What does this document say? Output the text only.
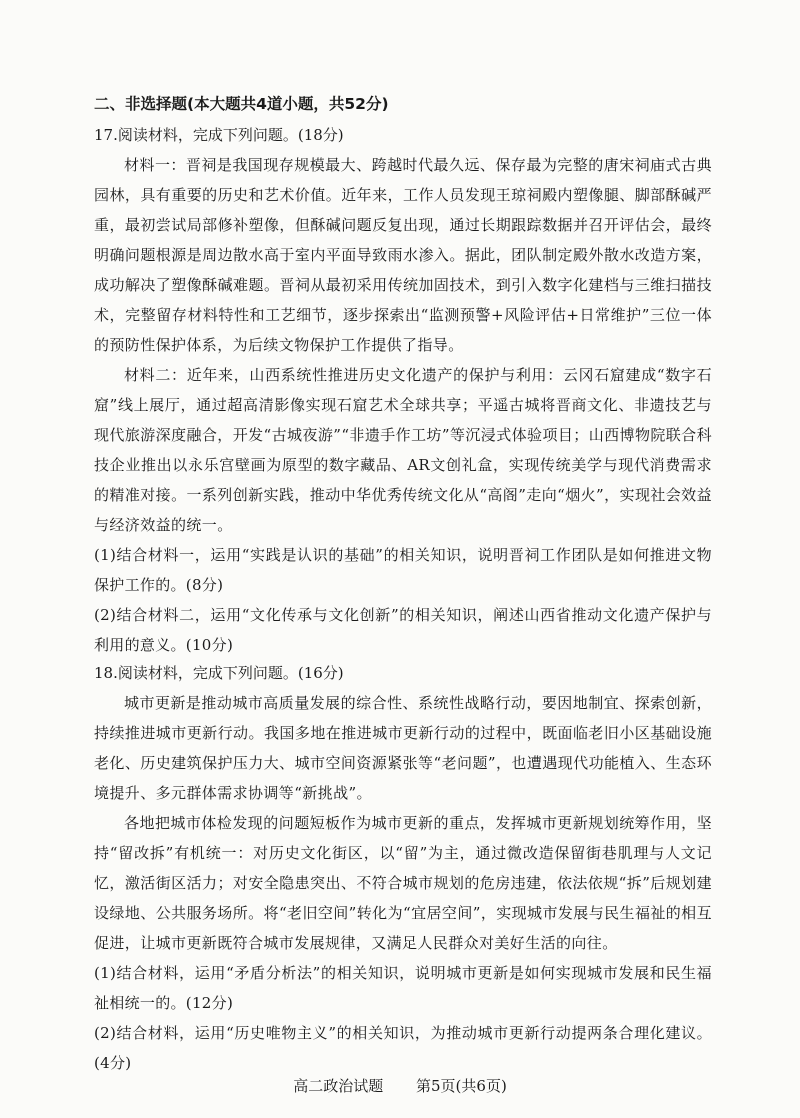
二、非选择题(本大题共4道小题，共52分)
17.阅读材料，完成下列问题。(18分)

材料一：晋祠是我国现存规模最大、跨越时代最久远、保存最为完整的唐宋祠庙式古典园林，具有重要的历史和艺术价值。近年来，工作人员发现王琼祠殿内塑像腿、脚部酥碱严重，最初尝试局部修补塑像，但酥碱问题反复出现，通过长期跟踪数据并召开评估会，最终明确问题根源是周边散水高于室内平面导致雨水渗入。据此，团队制定殿外散水改造方案，成功解决了塑像酥碱难题。晋祠从最初采用传统加固技术，到引入数字化建档与三维扫描技术，完整留存材料特性和工艺细节，逐步探索出“监测预警+风险评估+日常维护”三位一体的预防性保护体系，为后续文物保护工作提供了指导。

材料二：近年来，山西系统性推进历史文化遗产的保护与利用：云冈石窟建成“数字石窟”线上展厅，通过超高清影像实现石窟艺术全球共享；平遥古城将晋商文化、非遗技艺与现代旅游深度融合，开发“古城夜游”“非遗手作工坊”等沉浸式体验项目；山西博物院联合科技企业推出以永乐宫壁画为原型的数字藏品、AR文创礼盒，实现传统美学与现代消费需求的精准对接。一系列创新实践，推动中华优秀传统文化从“高阁”走向“烟火”，实现社会效益与经济效益的统一。

(1)结合材料一，运用“实践是认识的基础”的相关知识，说明晋祠工作团队是如何推进文物保护工作的。(8分)

(2)结合材料二，运用“文化传承与文化创新”的相关知识，阐述山西省推动文化遗产保护与利用的意义。(10分)

18.阅读材料，完成下列问题。(16分)

城市更新是推动城市高质量发展的综合性、系统性战略行动，要因地制宜、探索创新，持续推进城市更新行动。我国多地在推进城市更新行动的过程中，既面临老旧小区基础设施老化、历史建筑保护压力大、城市空间资源紧张等“老问题”，也遭遇现代功能植入、生态环境提升、多元群体需求协调等“新挑战”。

各地把城市体检发现的问题短板作为城市更新的重点，发挥城市更新规划统筹作用，坚持“留改拆”有机统一：对历史文化街区，以“留”为主，通过微改造保留街巷肌理与人文记忆，激活街区活力；对安全隐患突出、不符合城市规划的危房违建，依法依规“拆”后规划建设绿地、公共服务场所。将“老旧空间”转化为“宜居空间”，实现城市发展与民生福祉的相互促进，让城市更新既符合城市发展规律，又满足人民群众对美好生活的向往。

(1)结合材料，运用“矛盾分析法”的相关知识，说明城市更新是如何实现城市发展和民生福祉相统一的。(12分)

(2)结合材料，运用“历史唯物主义”的相关知识，为推动城市更新行动提两条合理化建议。(4分)

高二政治试题 第5页(共6页)
